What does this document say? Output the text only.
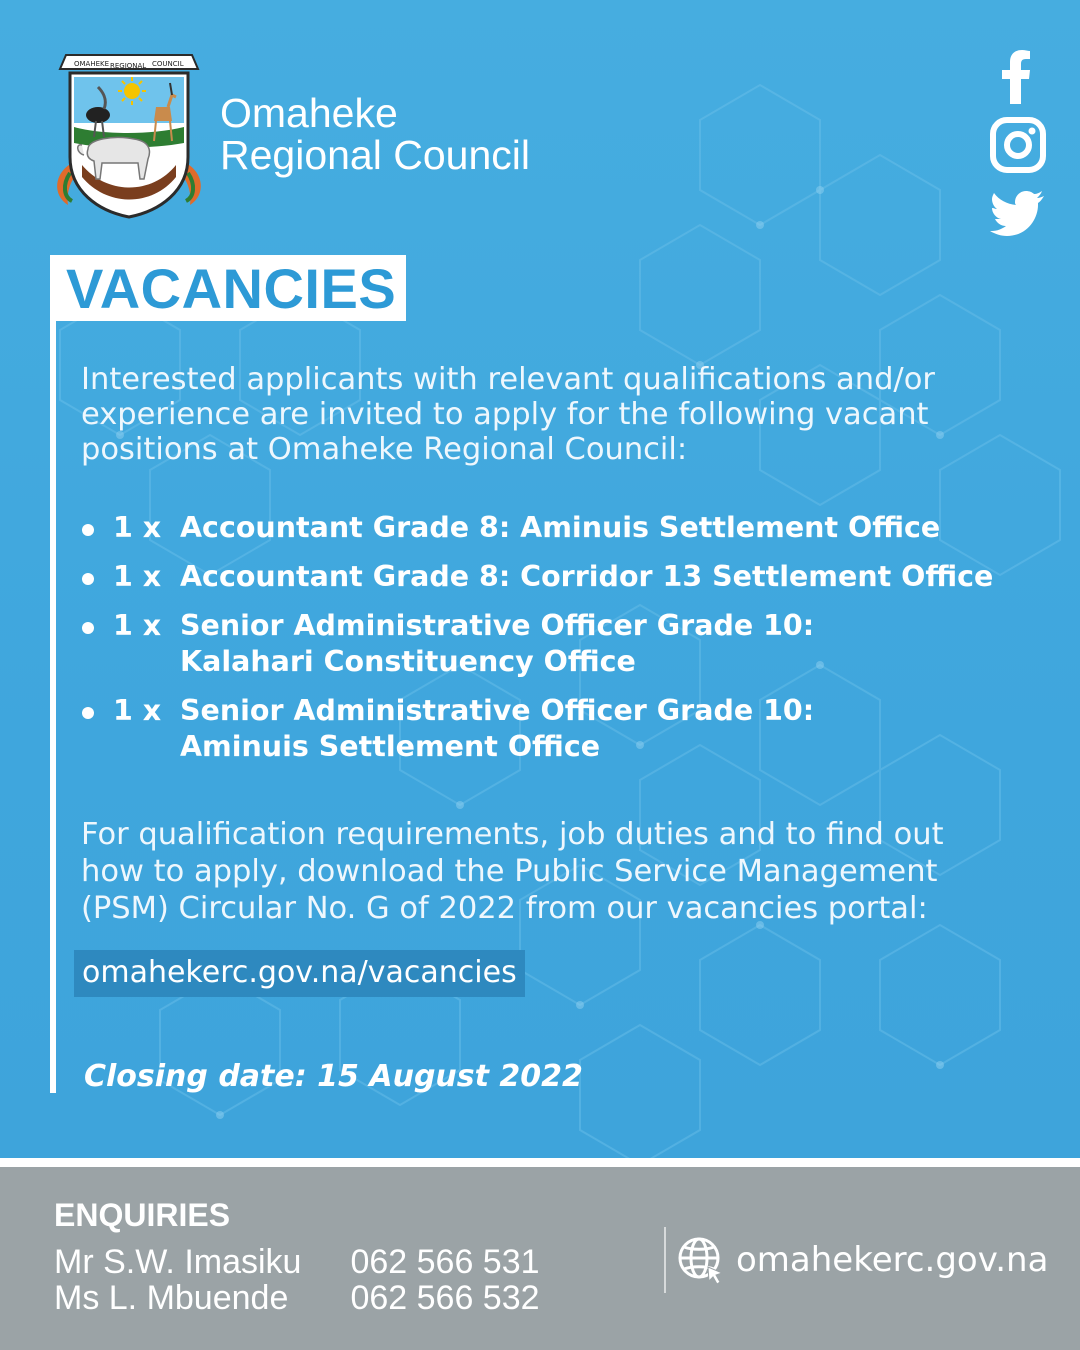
OMAHEKE REGIONAL COUNCIL
Omaheke
Regional Council
VACANCIES
Interested applicants with relevant qualifications and/or
experience are invited to apply for the following vacant
positions at Omaheke Regional Council:
1 x Accountant Grade 8: Aminuis Settlement Office
1 x Accountant Grade 8: Corridor 13 Settlement Office
1 x Senior Administrative Officer Grade 10:
Kalahari Constituency Office
1 x Senior Administrative Officer Grade 10:
Aminuis Settlement Office
For qualification requirements, job duties and to find out
how to apply, download the Public Service Management
(PSM) Circular No. G of 2022 from our vacancies portal:
omahekerc.gov.na/vacancies
Closing date: 15 August 2022
ENQUIRIES
Mr S.W. Imasiku 062 566 531
Ms L. Mbuende 062 566 532
omahekerc.gov.na
